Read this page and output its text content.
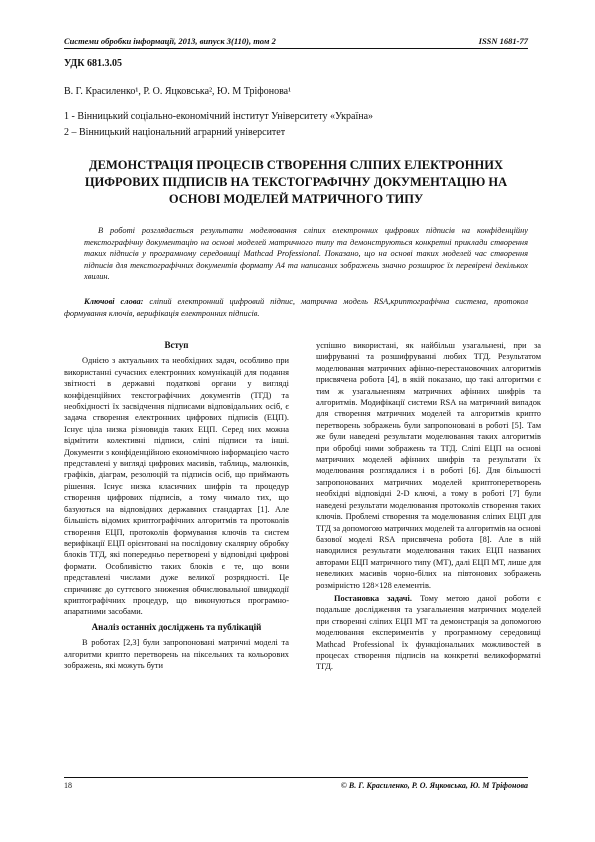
Системи обробки інформації, 2013, випуск 3(110), том 2	ISSN 1681-77
УДК 681.3.05
В. Г. Красиленко¹, Р. О. Яцковська², Ю. М Трiфонова¹
1 - Вінницький соціально-економічний інститут Університету «Україна»
2 – Вінницький національний аграрний університет
ДЕМОНСТРАЦІЯ ПРОЦЕСІВ СТВОРЕННЯ СЛІПИХ ЕЛЕКТРОННИХ ЦИФРОВИХ ПІДПИСІВ НА ТЕКСТОГРАФІЧНУ ДОКУМЕНТАЦІЮ НА ОСНОВІ МОДЕЛЕЙ МАТРИЧНОГО ТИПУ
В роботі розглядається результати моделювання сліпих електронних цифрових підписів на конфіденційну текстографічну документацію на основі моделей матричного типу та демонструються конкретні приклади створення таких підписів у програмному середовищі Mathcad Professional. Показано, що на основі таких моделей час створення підписів для текстографічних документів формату А4 та написаних зображень значно розширює їх перевірені декількох хвилин.
Ключові слова: сліпий електронний цифровий підпис, матрична модель RSA,криптографічна система, протокол формування ключів, верифікація електронних підписів.
Вступ

Однією з актуальних та необхідних задач, особливо при використанні сучасних електронних комунікацій для подання звітності в державні податкові органи у вигляді конфіденційних текстографічних документів (ТГД) та необхідності їх засвідчення підписами відповідальних осіб, є задача створення електронних цифрових підписів (ЕЦП). Існує ціла низка різновидів таких ЕЦП. Серед них можна відмітити колективні підписи, сліпі підписи та інші. Документи з конфіденційною економічною інформацією часто представлені у вигляді цифрових масивів, таблиць, малюнків, графіків, діаграм, резолюцій та підписів осіб, що приймають рішення. Існує низка класичних шифрів та процедур створення цифрових підписів, а тому чимало тих, що базуються на відповідних державних стандартах [1]. Але більшість відомих криптографічних алгоритмів та протоколів створення ЕЦП, протоколів формування ключів та систем верифікації ЕЦП орієнтовані на послідовну скалярну обробку блоків ТГД, які попередньо перетворені у відповідні цифрові формати. Особливістю таких блоків є те, що вони представлені числами дуже великої розрядності. Це спричиняє до суттєвого зниження обчислювальної швидкодії криптографічних процедур, що виконуються програмно-апаратними засобами.

Аналіз останніх досліджень та публікацій

В роботах [2,3] були запропоновані матричні моделі та алгоритми крипто перетворень на піксельних та кольорових зображень, які можуть бути

успішно використані, як найбільш узагальнені, при за шифруванні та розшифруванні любих ТГД. Результатом моделювання матричних афінно-перестановочних алгоритмів присвячена робота [4], в якій показано, що такі алгоритми є тим ж узагальненням матричних афінних шифрів та алгоритмів. Модифікації системи RSA на матричний випадок для створення матричних моделей та алгоритмів крипто перетворень зображень були запропоновані в роботі [5]. Там же були наведені результати моделювання таких алгоритмів при обробці ними зображень та ТГД. Сліпі ЕЦП на основі матричних моделей афінних шифрів та результати їх моделювання розглядалися і в роботі [6]. Для більшості запропонованих матричних моделей криптоперетворень необхідні відповідні 2-D ключі, а тому в роботі [7] були наведені результати моделювання протоколів створення таких ключів. Проблемі створення та моделювання сліпих ЕЦП для ТГД за допомогою матричних моделей та алгоритмів на основі базової моделі RSA присвячена робота [8]. Але в ній наводилися результати моделювання таких ЕЦП названих авторами ЕЦП матричного типу (МТ), далі ЕЦП МТ, лише для невеликих масивів чорно-білих на півтонових зображень розмірністю 128×128 елементів.

Постановка задачі. Тому метою даної роботи є подальше дослідження та узагальнення матричних моделей при створенні сліпих ЕЦП МТ та демонстрація за допомогою моделювання експериментів у програмному середовищі Mathcad Professional їх функціональних можливостей в процесах створення підписів на конкретні великоформатні ТГД.

18	© В. Г. Красиленко, Р. О. Яцковська, Ю. М Трiфонова
